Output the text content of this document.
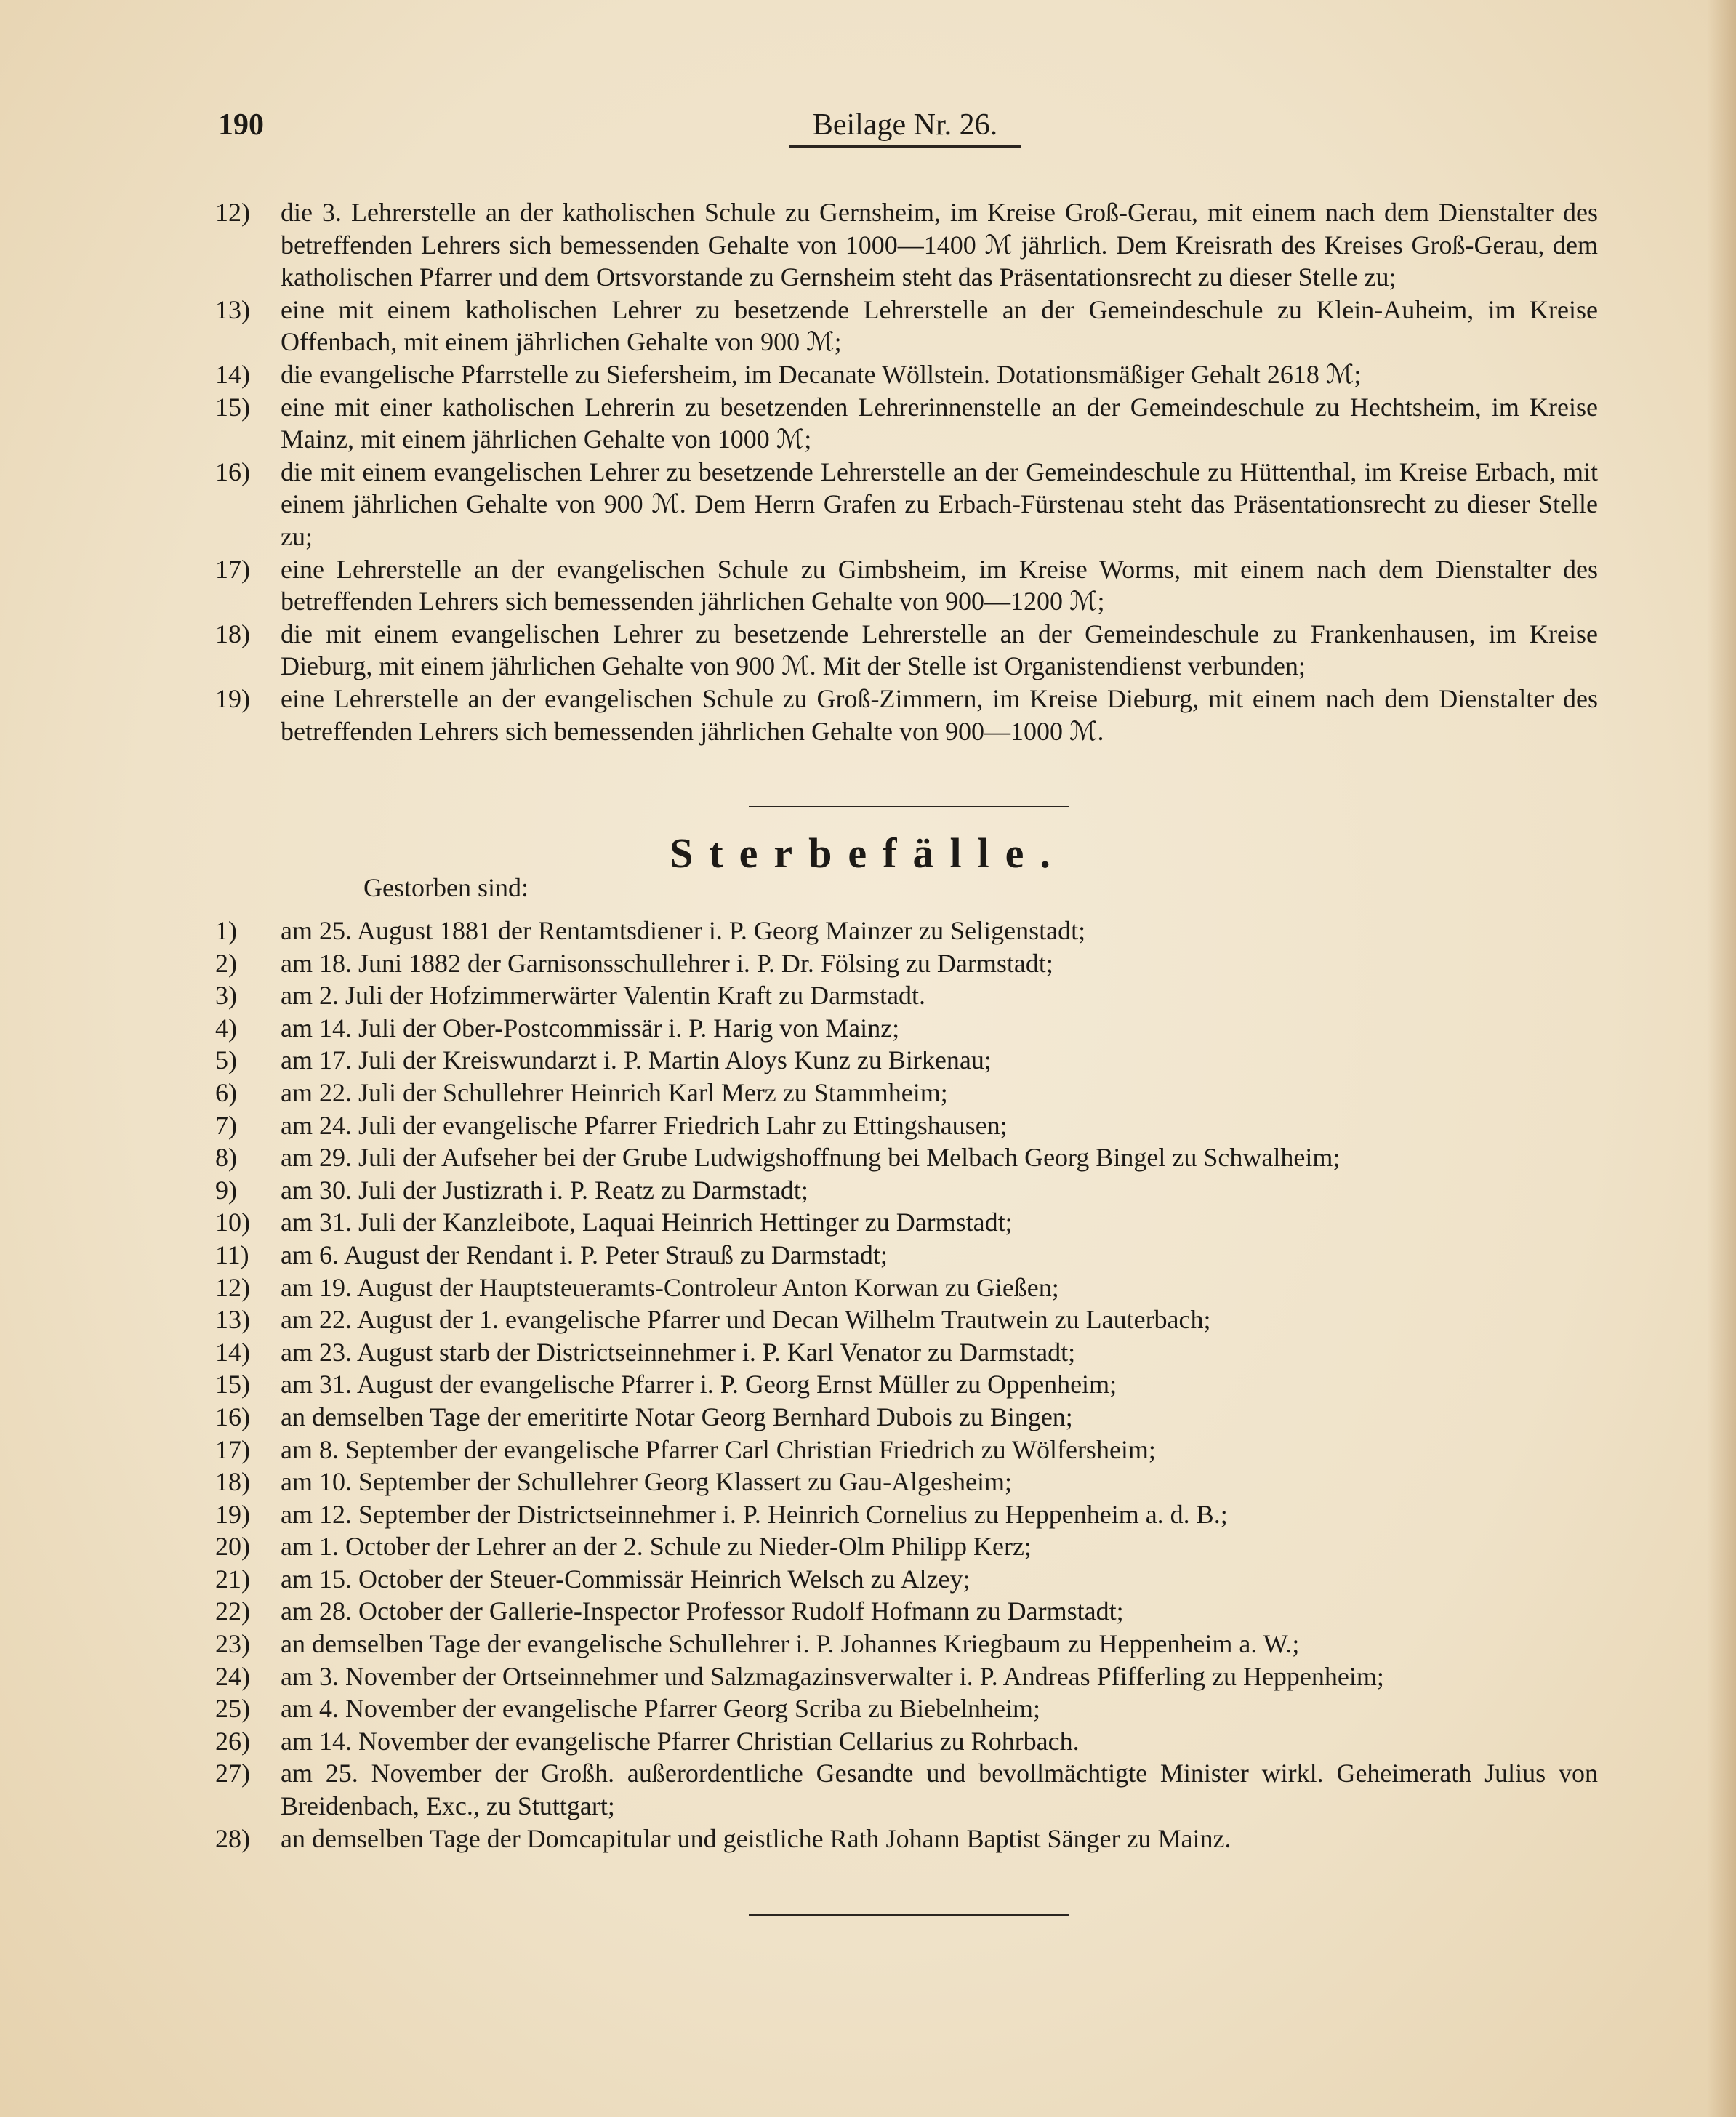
190	Beilage Nr. 26.
12)	die 3. Lehrerstelle an der katholischen Schule zu Gernsheim, im Kreise Groß-Gerau, mit einem nach dem Dienstalter des betreffenden Lehrers sich bemessenden Gehalte von 1000—1400 ℳ jährlich. Dem Kreisrath des Kreises Groß-Gerau, dem katholischen Pfarrer und dem Ortsvorstande zu Gernsheim steht das Präsentationsrecht zu dieser Stelle zu;
13)	eine mit einem katholischen Lehrer zu besetzende Lehrerstelle an der Gemeindeschule zu Klein-Auheim, im Kreise Offenbach, mit einem jährlichen Gehalte von 900 ℳ;
14)	die evangelische Pfarrstelle zu Siefersheim, im Decanate Wöllstein. Dotationsmäßiger Gehalt 2618 ℳ;
15)	eine mit einer katholischen Lehrerin zu besetzenden Lehrerinnenstelle an der Gemeindeschule zu Hechtsheim, im Kreise Mainz, mit einem jährlichen Gehalte von 1000 ℳ;
16)	die mit einem evangelischen Lehrer zu besetzende Lehrerstelle an der Gemeindeschule zu Hüttenthal, im Kreise Erbach, mit einem jährlichen Gehalte von 900 ℳ. Dem Herrn Grafen zu Erbach-Fürstenau steht das Präsentationsrecht zu dieser Stelle zu;
17)	eine Lehrerstelle an der evangelischen Schule zu Gimbsheim, im Kreise Worms, mit einem nach dem Dienstalter des betreffenden Lehrers sich bemessenden jährlichen Gehalte von 900—1200 ℳ;
18)	die mit einem evangelischen Lehrer zu besetzende Lehrerstelle an der Gemeindeschule zu Frankenhausen, im Kreise Dieburg, mit einem jährlichen Gehalte von 900 ℳ. Mit der Stelle ist Organistendienst verbunden;
19)	eine Lehrerstelle an der evangelischen Schule zu Groß-Zimmern, im Kreise Dieburg, mit einem nach dem Dienstalter des betreffenden Lehrers sich bemessenden jährlichen Gehalte von 900—1000 ℳ.
Sterbefälle.
Gestorben sind:
1)	am 25. August 1881 der Rentamtsdiener i. P. Georg Mainzer zu Seligenstadt;
2)	am 18. Juni 1882 der Garnisonsschullehrer i. P. Dr. Fölsing zu Darmstadt;
3)	am 2. Juli der Hofzimmerwärter Valentin Kraft zu Darmstadt.
4)	am 14. Juli der Ober-Postcommissär i. P. Harig von Mainz;
5)	am 17. Juli der Kreiswundarzt i. P. Martin Aloys Kunz zu Birkenau;
6)	am 22. Juli der Schullehrer Heinrich Karl Merz zu Stammheim;
7)	am 24. Juli der evangelische Pfarrer Friedrich Lahr zu Ettingshausen;
8)	am 29. Juli der Aufseher bei der Grube Ludwigshoffnung bei Melbach Georg Bingel zu Schwalheim;
9)	am 30. Juli der Justizrath i. P. Reatz zu Darmstadt;
10)	am 31. Juli der Kanzleibote, Laquai Heinrich Hettinger zu Darmstadt;
11)	am 6. August der Rendant i. P. Peter Strauß zu Darmstadt;
12)	am 19. August der Hauptsteueramts-Controleur Anton Korwan zu Gießen;
13)	am 22. August der 1. evangelische Pfarrer und Decan Wilhelm Trautwein zu Lauterbach;
14)	am 23. August starb der Districtseinnehmer i. P. Karl Venator zu Darmstadt;
15)	am 31. August der evangelische Pfarrer i. P. Georg Ernst Müller zu Oppenheim;
16)	an demselben Tage der emeritirte Notar Georg Bernhard Dubois zu Bingen;
17)	am 8. September der evangelische Pfarrer Carl Christian Friedrich zu Wölfersheim;
18)	am 10. September der Schullehrer Georg Klassert zu Gau-Algesheim;
19)	am 12. September der Districtseinnehmer i. P. Heinrich Cornelius zu Heppenheim a. d. B.;
20)	am 1. October der Lehrer an der 2. Schule zu Nieder-Olm Philipp Kerz;
21)	am 15. October der Steuer-Commissär Heinrich Welsch zu Alzey;
22)	am 28. October der Gallerie-Inspector Professor Rudolf Hofmann zu Darmstadt;
23)	an demselben Tage der evangelische Schullehrer i. P. Johannes Kriegbaum zu Heppenheim a. W.;
24)	am 3. November der Ortseinnehmer und Salzmagazinsverwalter i. P. Andreas Pfifferling zu Heppenheim;
25)	am 4. November der evangelische Pfarrer Georg Scriba zu Biebelnheim;
26)	am 14. November der evangelische Pfarrer Christian Cellarius zu Rohrbach.
27)	am 25. November der Großh. außerordentliche Gesandte und bevollmächtigte Minister wirkl. Geheimerath Julius von Breidenbach, Exc., zu Stuttgart;
28)	an demselben Tage der Domcapitular und geistliche Rath Johann Baptist Sänger zu Mainz.
